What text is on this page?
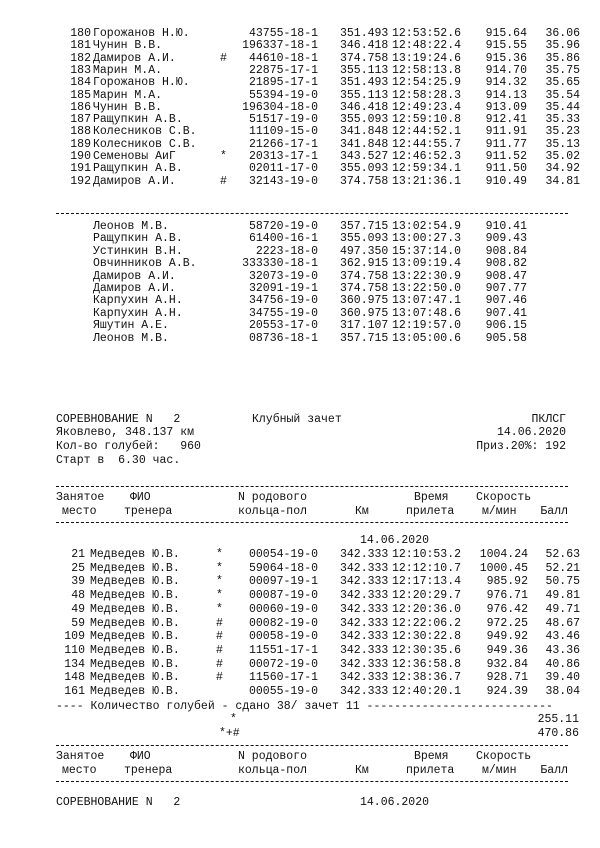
180 Горожанов Н.Ю.	43755-18-1 351.493 12:53:52.6 915.64 36.06
181 Чунин В.В.	196337-18-1 346.418 12:48:22.4 915.55 35.96
182 Дамиров А.И.	# 44610-18-1 374.758 13:19:24.6 915.36 35.86
183 Марин М.А.	22875-17-1 355.113 12:58:13.8 914.70 35.75
184 Горожанов Н.Ю.	21895-17-1 351.493 12:54:25.9 914.32 35.65
185 Марин М.А.	55394-19-0 355.113 12:58:28.3 914.13 35.54
186 Чунин В.В.	196304-18-0 346.418 12:49:23.4 913.09 35.44
187 Ращупкин А.В.	51517-19-0 355.093 12:59:10.8 912.41 35.33
188 Колесников С.В.	11109-15-0 341.848 12:44:52.1 911.91 35.23
189 Колесников С.В.	21266-17-1 341.848 12:44:55.7 911.77 35.13
190 Семеновы АиГ	* 20313-17-1 343.527 12:46:52.3 911.52 35.02
191 Ращупкин А.В.	02011-17-0 355.093 12:59:34.1 911.50 34.92
192 Дамиров А.И.	# 32143-19-0 374.758 13:21:36.1 910.49 34.81
Леонов М.В.	58720-19-0 357.715 13:02:54.9 910.41
Ращупкин А.В.	61400-16-1 355.093 13:00:27.3 909.43
Устинкин В.Н.	2223-18-0 497.350 15:37:14.0 908.84
Овчинников А.В.	333330-18-1 362.915 13:09:19.4 908.82
Дамиров А.И.	32073-19-0 374.758 13:22:30.9 908.47
Дамиров А.И.	32091-19-1 374.758 13:22:50.0 907.77
Карпухин А.Н.	34756-19-0 360.975 13:07:47.1 907.46
Карпухин А.Н.	34755-19-0 360.975 13:07:48.6 907.41
Яшутин А.Е.	20553-17-0 317.107 12:19:57.0 906.15
Леонов М.В.	08736-18-1 357.715 13:05:00.6 905.58
СОРЕВНОВАНИЕ N   2	Клубный зачет	ПКЛСГ
Яковлево, 348.137 км	14.06.2020
Кол-во голубей:   960	Приз.20%: 192
Старт в  6.30 час.
Занятое ФИО	N родового	Время Скорость
место тренера	кольца-пол	Км	прилета м/мин Балл
14.06.2020
21 Медведев Ю.В.	* 00054-19-0 342.333 12:10:53.2 1004.24 52.63
25 Медведев Ю.В.	* 59064-18-0 342.333 12:12:10.7 1000.45 52.21
39 Медведев Ю.В.	* 00097-19-1 342.333 12:17:13.4 985.92 50.75
48 Медведев Ю.В.	* 00087-19-0 342.333 12:20:29.7 976.71 49.81
49 Медведев Ю.В.	* 00060-19-0 342.333 12:20:36.0 976.42 49.71
59 Медведев Ю.В.	# 00082-19-0 342.333 12:22:06.2 972.25 48.67
109 Медведев Ю.В.	# 00058-19-0 342.333 12:30:22.8 949.92 43.46
110 Медведев Ю.В.	# 11551-17-1 342.333 12:30:35.6 949.36 43.36
134 Медведев Ю.В.	# 00072-19-0 342.333 12:36:58.8 932.84 40.86
148 Медведев Ю.В.	# 11560-17-1 342.333 12:38:36.7 928.71 39.40
161 Медведев Ю.В.	00055-19-0 342.333 12:40:20.1 924.39 38.04
---- Количество голубей - сдано 38/ зачет 11 ---------------------------
*	255.11
*+#	470.86
Занятое ФИО	N родового	Время Скорость
место тренера	кольца-пол	Км	прилета м/мин Балл
СОРЕВНОВАНИЕ N   2	14.06.2020
